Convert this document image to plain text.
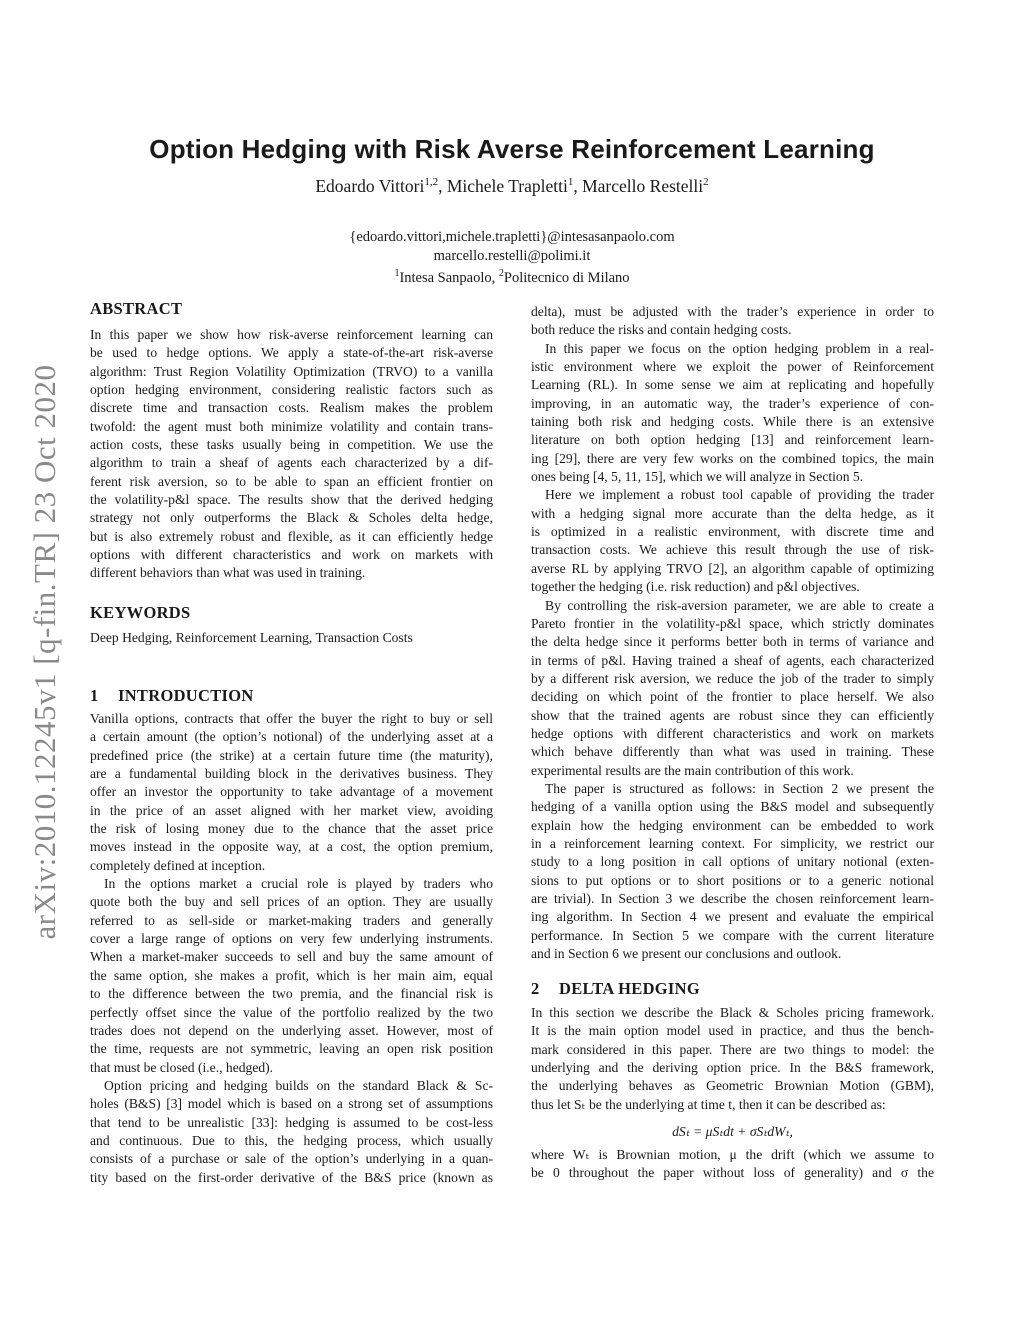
arXiv:2010.12245v1 [q-fin.TR] 23 Oct 2020
Option Hedging with Risk Averse Reinforcement Learning
Edoardo Vittori$^{1,2}$, Michele Trapletti$^1$, Marcello Restelli$^2$
{edoardo.vittori,michele.trapletti}@intesasanpaolo.com
marcello.restelli@polimi.it
$^1$Intesa Sanpaolo, $^2$Politecnico di Milano
ABSTRACT
In this paper we show how risk-averse reinforcement learning can
be used to hedge options. We apply a state-of-the-art risk-averse
algorithm: Trust Region Volatility Optimization (TRVO) to a vanilla
option hedging environment, considering realistic factors such as
discrete time and transaction costs. Realism makes the problem
twofold: the agent must both minimize volatility and contain trans-
action costs, these tasks usually being in competition. We use the
algorithm to train a sheaf of agents each characterized by a dif-
ferent risk aversion, so to be able to span an efficient frontier on
the volatility-p&l space. The results show that the derived hedging
strategy not only outperforms the Black & Scholes delta hedge,
but is also extremely robust and flexible, as it can efficiently hedge
options with different characteristics and work on markets with
different behaviors than what was used in training.
KEYWORDS
Deep Hedging, Reinforcement Learning, Transaction Costs
1 INTRODUCTION
Vanilla options, contracts that offer the buyer the right to buy or sell
a certain amount (the option’s notional) of the underlying asset at a
predefined price (the strike) at a certain future time (the maturity),
are a fundamental building block in the derivatives business. They
offer an investor the opportunity to take advantage of a movement
in the price of an asset aligned with her market view, avoiding
the risk of losing money due to the chance that the asset price
moves instead in the opposite way, at a cost, the option premium,
completely defined at inception.
In the options market a crucial role is played by traders who
quote both the buy and sell prices of an option. They are usually
referred to as sell-side or market-making traders and generally
cover a large range of options on very few underlying instruments.
When a market-maker succeeds to sell and buy the same amount of
the same option, she makes a profit, which is her main aim, equal
to the difference between the two premia, and the financial risk is
perfectly offset since the value of the portfolio realized by the two
trades does not depend on the underlying asset. However, most of
the time, requests are not symmetric, leaving an open risk position
that must be closed (i.e., hedged).
Option pricing and hedging builds on the standard Black & Sc-
holes (B&S) [3] model which is based on a strong set of assumptions
that tend to be unrealistic [33]: hedging is assumed to be cost-less
and continuous. Due to this, the hedging process, which usually
consists of a purchase or sale of the option’s underlying in a quan-
tity based on the first-order derivative of the B&S price (known as
delta), must be adjusted with the trader’s experience in order to
both reduce the risks and contain hedging costs.
In this paper we focus on the option hedging problem in a real-
istic environment where we exploit the power of Reinforcement
Learning (RL). In some sense we aim at replicating and hopefully
improving, in an automatic way, the trader’s experience of con-
taining both risk and hedging costs. While there is an extensive
literature on both option hedging [13] and reinforcement learn-
ing [29], there are very few works on the combined topics, the main
ones being [4, 5, 11, 15], which we will analyze in Section 5.
Here we implement a robust tool capable of providing the trader
with a hedging signal more accurate than the delta hedge, as it
is optimized in a realistic environment, with discrete time and
transaction costs. We achieve this result through the use of risk-
averse RL by applying TRVO [2], an algorithm capable of optimizing
together the hedging (i.e. risk reduction) and p&l objectives.
By controlling the risk-aversion parameter, we are able to create a
Pareto frontier in the volatility-p&l space, which strictly dominates
the delta hedge since it performs better both in terms of variance and
in terms of p&l. Having trained a sheaf of agents, each characterized
by a different risk aversion, we reduce the job of the trader to simply
deciding on which point of the frontier to place herself. We also
show that the trained agents are robust since they can efficiently
hedge options with different characteristics and work on markets
which behave differently than what was used in training. These
experimental results are the main contribution of this work.
The paper is structured as follows: in Section 2 we present the
hedging of a vanilla option using the B&S model and subsequently
explain how the hedging environment can be embedded to work
in a reinforcement learning context. For simplicity, we restrict our
study to a long position in call options of unitary notional (exten-
sions to put options or to short positions or to a generic notional
are trivial). In Section 3 we describe the chosen reinforcement learn-
ing algorithm. In Section 4 we present and evaluate the empirical
performance. In Section 5 we compare with the current literature
and in Section 6 we present our conclusions and outlook.
2 DELTA HEDGING
In this section we describe the Black & Scholes pricing framework.
It is the main option model used in practice, and thus the bench-
mark considered in this paper. There are two things to model: the
underlying and the deriving option price. In the B&S framework,
the underlying behaves as Geometric Brownian Motion (GBM),
thus let Sₜ be the underlying at time t, then it can be described as:
dSₜ = μSₜdt + σSₜdWₜ,
where Wₜ is Brownian motion, μ the drift (which we assume to
be 0 throughout the paper without loss of generality) and σ the
